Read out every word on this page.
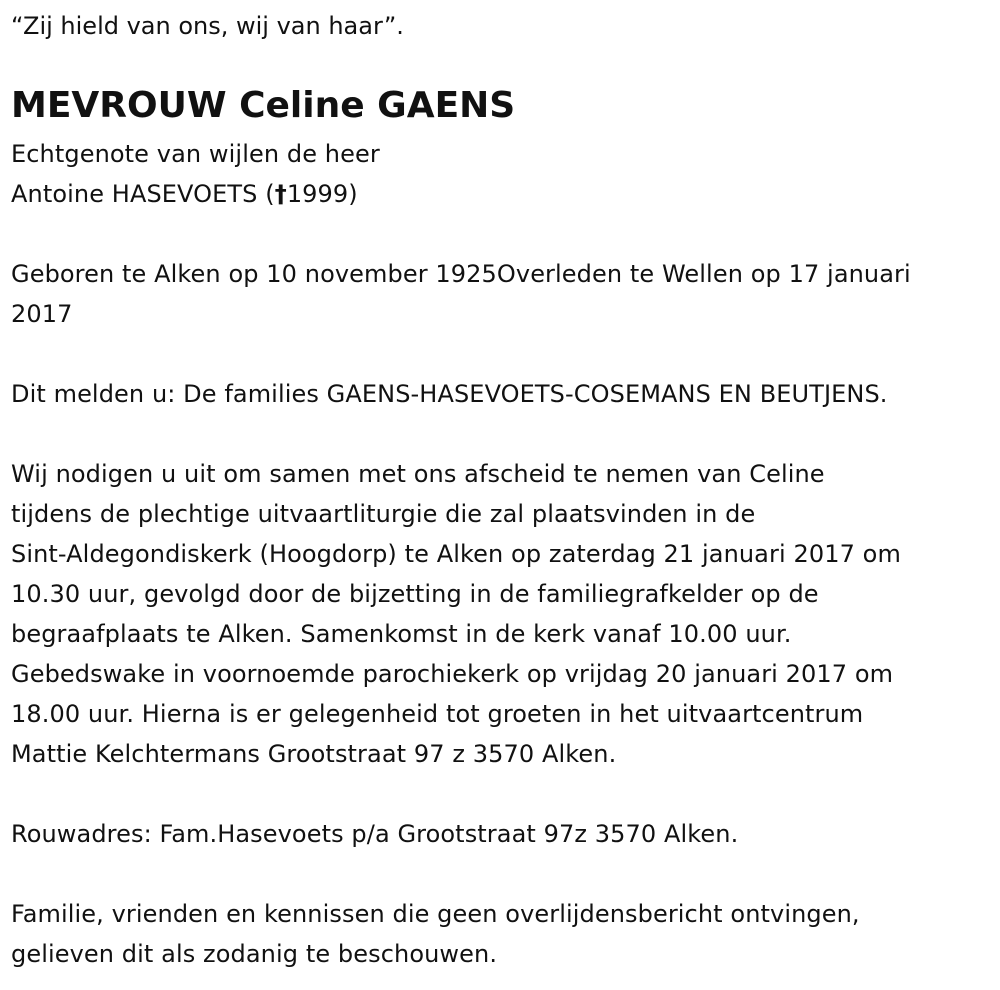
“Zij hield van ons, wij van haar”.
MEVROUW Celine GAENS
Echtgenote van wijlen de heer
Antoine HASEVOETS (†1999)
Geboren te Alken op 10 november 1925Overleden te Wellen op 17 januari
2017
Dit melden u: De families GAENS-HASEVOETS-COSEMANS EN BEUTJENS.
Wij nodigen u uit om samen met ons afscheid te nemen van Celine
tijdens de plechtige uitvaartliturgie die zal plaatsvinden in de
Sint-Aldegondiskerk (Hoogdorp) te Alken op zaterdag 21 januari 2017 om
10.30 uur, gevolgd door de bijzetting in de familiegrafkelder op de
begraafplaats te Alken. Samenkomst in de kerk vanaf 10.00 uur.
Gebedswake in voornoemde parochiekerk op vrijdag 20 januari 2017 om
18.00 uur. Hierna is er gelegenheid tot groeten in het uitvaartcentrum
Mattie Kelchtermans Grootstraat 97 z 3570 Alken.
Rouwadres: Fam.Hasevoets p/a Grootstraat 97z 3570 Alken.
Familie, vrienden en kennissen die geen overlijdensbericht ontvingen,
gelieven dit als zodanig te beschouwen.
